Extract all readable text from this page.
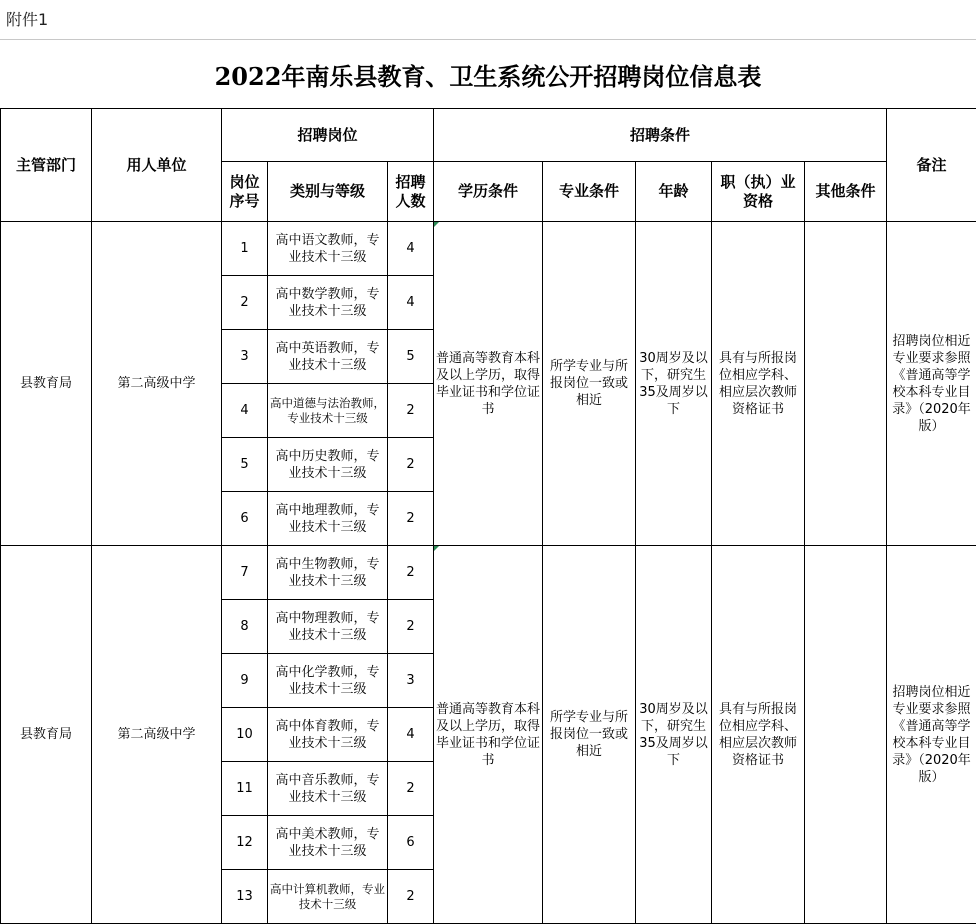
附件1
2022年南乐县教育、卫生系统公开招聘岗位信息表
主管部门	用人单位	招聘岗位			招聘条件					备注
		岗位序号	类别与等级	招聘人数	学历条件	专业条件	年龄	职（执）业资格	其他条件	
县教育局	第二高级中学	1	高中语文教师，专业技术十三级	4	普通高等教育本科及以上学历，取得毕业证书和学位证书	所学专业与所报岗位一致或相近	30周岁及以下，研究生35及周岁以下	具有与所报岗位相应学科、相应层次教师资格证书		招聘岗位相近专业要求参照《普通高等学校本科专业目录》（2020年版）
		2	高中数学教师，专业技术十三级	4						
		3	高中英语教师，专业技术十三级	5						
		4	高中道德与法治教师，专业技术十三级	2						
		5	高中历史教师，专业技术十三级	2						
		6	高中地理教师，专业技术十三级	2						
县教育局	第二高级中学	7	高中生物教师，专业技术十三级	2	普通高等教育本科及以上学历，取得毕业证书和学位证书	所学专业与所报岗位一致或相近	30周岁及以下，研究生35及周岁以下	具有与所报岗位相应学科、相应层次教师资格证书		招聘岗位相近专业要求参照《普通高等学校本科专业目录》（2020年版）
		8	高中物理教师，专业技术十三级	2						
		9	高中化学教师，专业技术十三级	3						
		10	高中体育教师，专业技术十三级	4						
		11	高中音乐教师，专业技术十三级	2						
		12	高中美术教师，专业技术十三级	6						
		13	高中计算机教师，专业技术十三级	2						
